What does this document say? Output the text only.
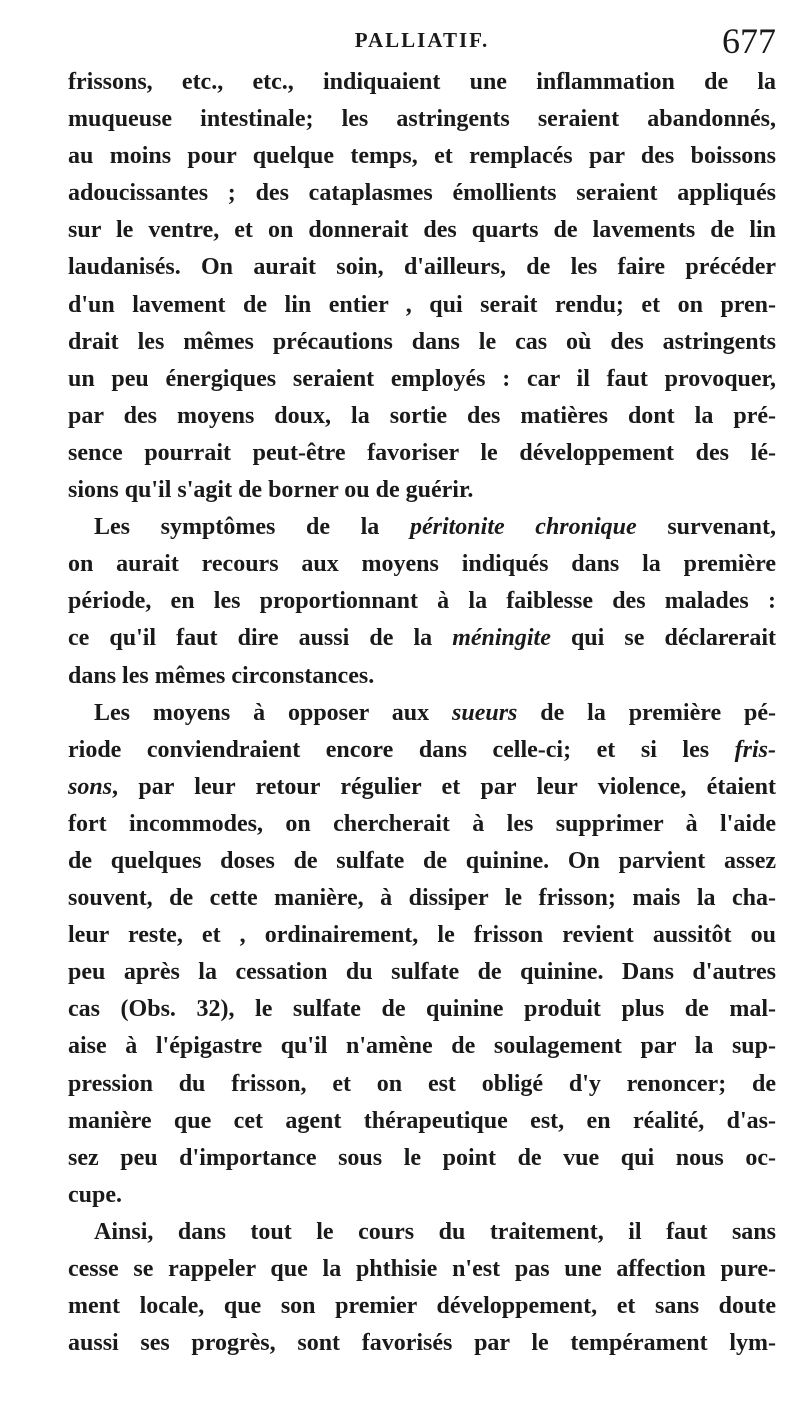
PALLIATIF.	677
frissons, etc., etc., indiquaient une inflammation de la
muqueuse intestinale; les astringents seraient abandonnés,
au moins pour quelque temps, et remplacés par des boissons
adoucissantes ; des cataplasmes émollients seraient appliqués
sur le ventre, et on donnerait des quarts de lavements de lin
laudanisés. On aurait soin, d'ailleurs, de les faire précéder
d'un lavement de lin entier , qui serait rendu; et on pren-
drait les mêmes précautions dans le cas où des astringents
un peu énergiques seraient employés : car il faut provoquer,
par des moyens doux, la sortie des matières dont la pré-
sence pourrait peut-être favoriser le développement des lé-
sions qu'il s'agit de borner ou de guérir.
Les symptômes de la péritonite chronique survenant,
on aurait recours aux moyens indiqués dans la première
période, en les proportionnant à la faiblesse des malades :
ce qu'il faut dire aussi de la méningite qui se déclarerait
dans les mêmes circonstances.
Les moyens à opposer aux sueurs de la première pé-
riode conviendraient encore dans celle-ci; et si les fris-
sons, par leur retour régulier et par leur violence, étaient
fort incommodes, on chercherait à les supprimer à l'aide
de quelques doses de sulfate de quinine. On parvient assez
souvent, de cette manière, à dissiper le frisson; mais la cha-
leur reste, et , ordinairement, le frisson revient aussitôt ou
peu après la cessation du sulfate de quinine. Dans d'autres
cas (Obs. 32), le sulfate de quinine produit plus de mal-
aise à l'épigastre qu'il n'amène de soulagement par la sup-
pression du frisson, et on est obligé d'y renoncer; de
manière que cet agent thérapeutique est, en réalité, d'as-
sez peu d'importance sous le point de vue qui nous oc-
cupe.
Ainsi, dans tout le cours du traitement, il faut sans
cesse se rappeler que la phthisie n'est pas une affection pure-
ment locale, que son premier développement, et sans doute
aussi ses progrès, sont favorisés par le tempérament lym-
